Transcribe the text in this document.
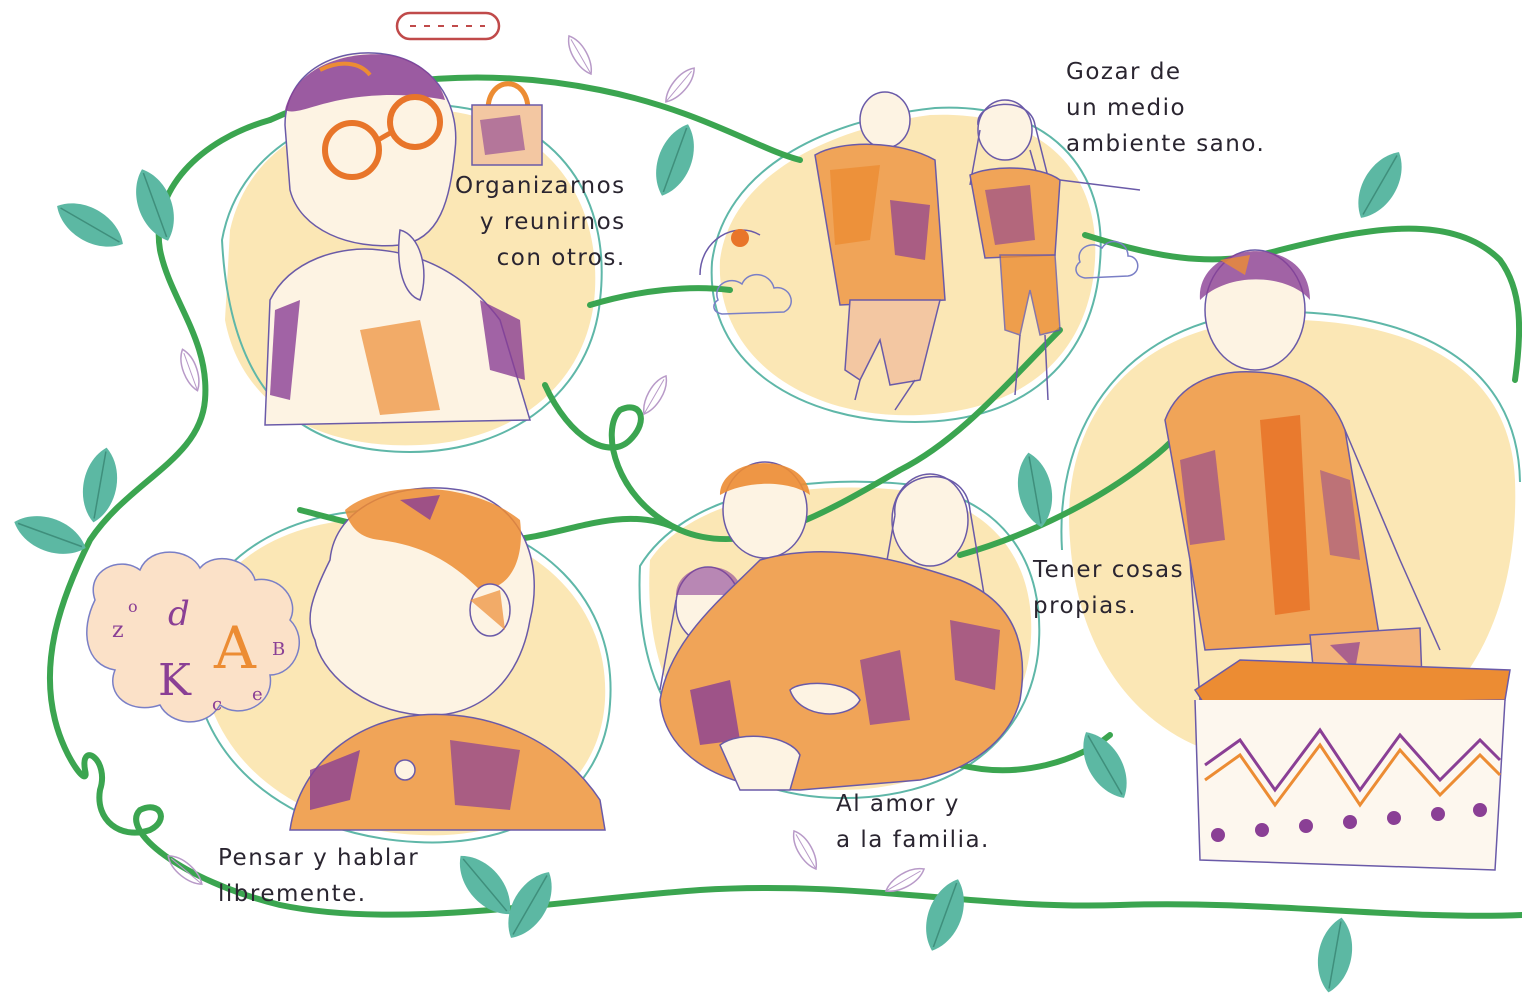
z
o d A
K
B
c e
Organizarnos
y reunirnos
con otros.
Gozar de
un medio
ambiente sano.
Tener cosas
propias.
Al amor y
a la familia.
Pensar y hablar
libremente.
